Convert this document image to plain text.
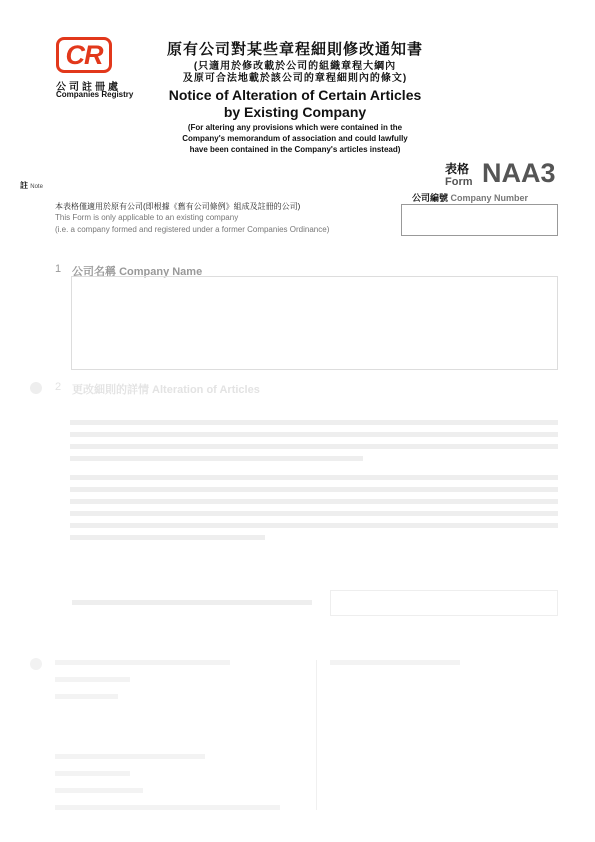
CR
公司註冊處
Companies Registry
原有公司對某些章程細則修改通知書
(只適用於修改載於公司的組織章程大綱內
及原可合法地載於該公司的章程細則內的條文)
Notice of Alteration of Certain Articles
by Existing Company
(For altering any provisions which were contained in the
Company's memorandum of association and could lawfully
have been contained in the Company's articles instead)
表格
Form NAA3
註 Note
公司編號 Company Number
本表格僅適用於原有公司(即根據《舊有公司條例》組成及註冊的公司)
This Form is only applicable to an existing company
(i.e. a company formed and registered under a former Companies Ordinance)
1 公司名稱 Company Name
2 更改細則的詳情 Alteration of Articles
